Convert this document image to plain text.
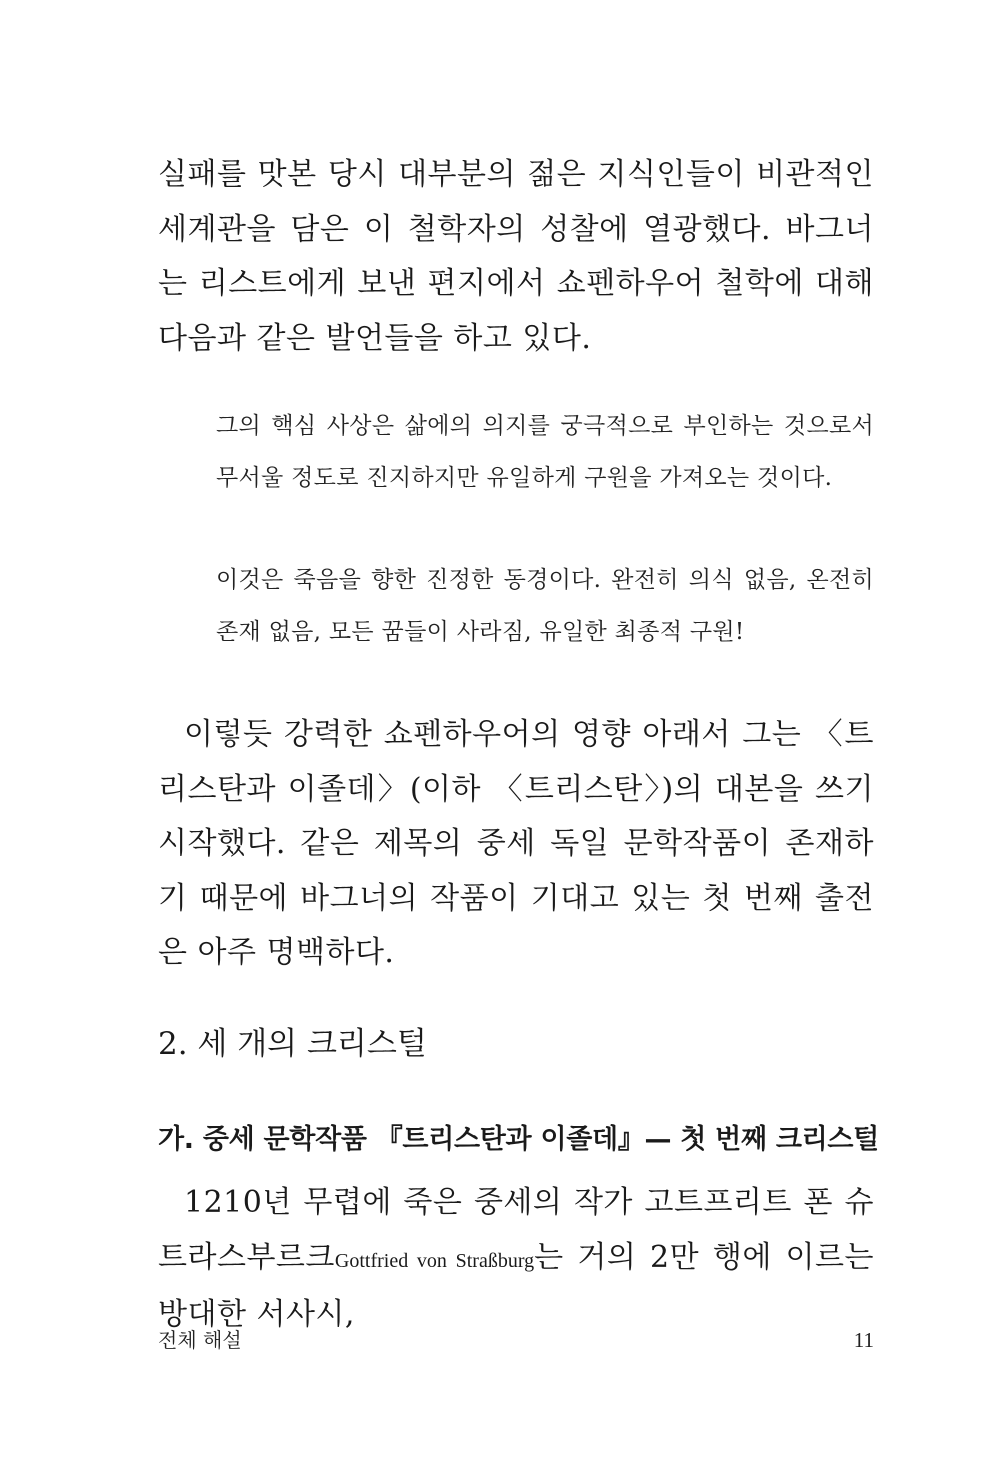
실패를 맛본 당시 대부분의 젊은 지식인들이 비관적인 세계관을 담은 이 철학자의 성찰에 열광했다. 바그너는 리스트에게 보낸 편지에서 쇼펜하우어 철학에 대해 다음과 같은 발언들을 하고 있다.

그의 핵심 사상은 삶에의 의지를 궁극적으로 부인하는 것으로서 무서울 정도로 진지하지만 유일하게 구원을 가져오는 것이다.

이것은 죽음을 향한 진정한 동경이다. 완전히 의식 없음, 온전히 존재 없음, 모든 꿈들이 사라짐, 유일한 최종적 구원!

이렇듯 강력한 쇼펜하우어의 영향 아래서 그는 〈트리스탄과 이졸데〉(이하 〈트리스탄〉)의 대본을 쓰기 시작했다. 같은 제목의 중세 독일 문학작품이 존재하기 때문에 바그너의 작품이 기대고 있는 첫 번째 출전은 아주 명백하다.

2. 세 개의 크리스털
가. 중세 문학작품 『트리스탄과 이졸데』— 첫 번째 크리스털

1210년 무렵에 죽은 중세의 작가 고트프리트 폰 슈트라스부르크Gottfried von Straßburg는 거의 2만 행에 이르는 방대한 서사시,

전체 해설	11
